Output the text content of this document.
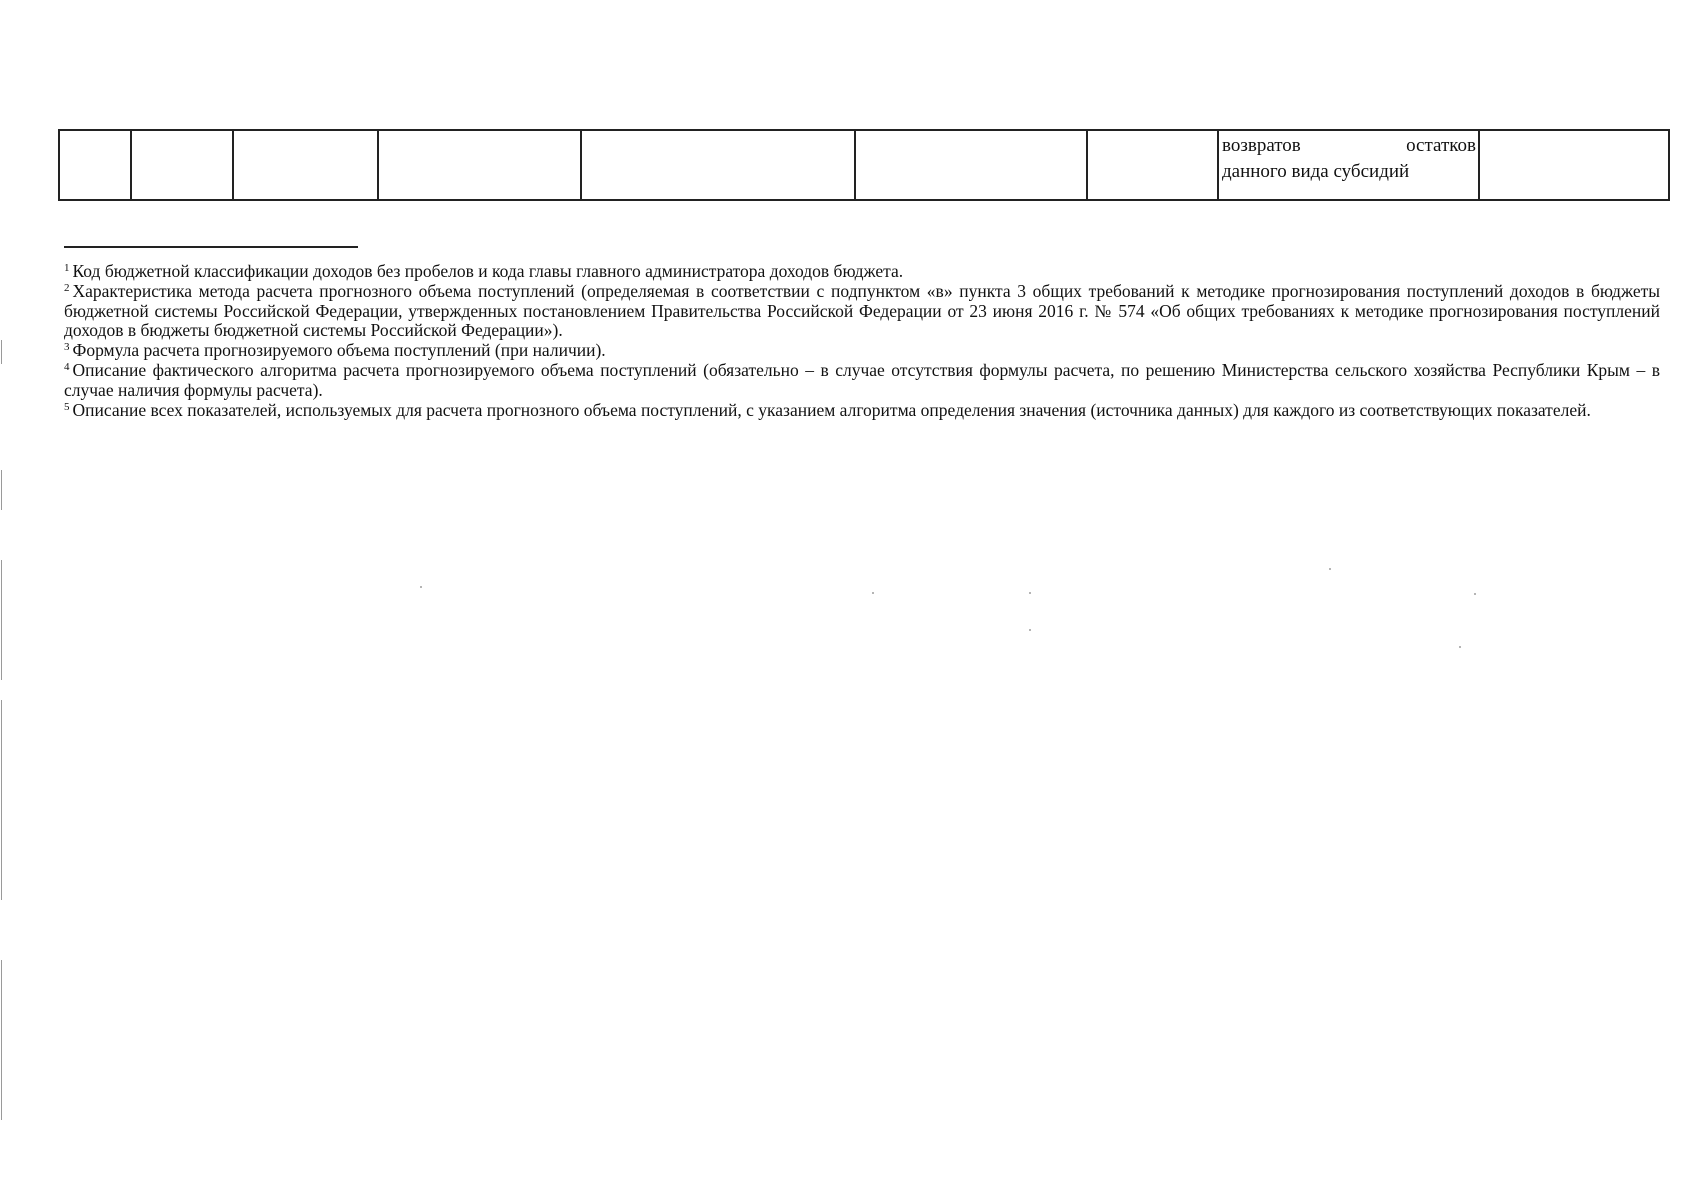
возвратов	остатков
данного вида субсидий

$^1$ Код бюджетной классификации доходов без пробелов и кода главы главного администратора доходов бюджета.

$^2$ Характеристика метода расчета прогнозного объема поступлений (определяемая в соответствии с подпунктом «в» пункта 3 общих требований к методике прогнозирования поступлений доходов в бюджеты бюджетной системы Российской Федерации, утвержденных постановлением Правительства Российской Федерации от 23 июня 2016 г. № 574 «Об общих требованиях к методике прогнозирования поступлений доходов в бюджеты бюджетной системы Российской Федерации»).

$^3$ Формула расчета прогнозируемого объема поступлений (при наличии).

$^4$ Описание фактического алгоритма расчета прогнозируемого объема поступлений (обязательно – в случае отсутствия формулы расчета, по решению Министерства сельского хозяйства Республики Крым – в случае наличия формулы расчета).

$^5$ Описание всех показателей, используемых для расчета прогнозного объема поступлений, с указанием алгоритма определения значения (источника данных) для каждого из соответствующих показателей.
